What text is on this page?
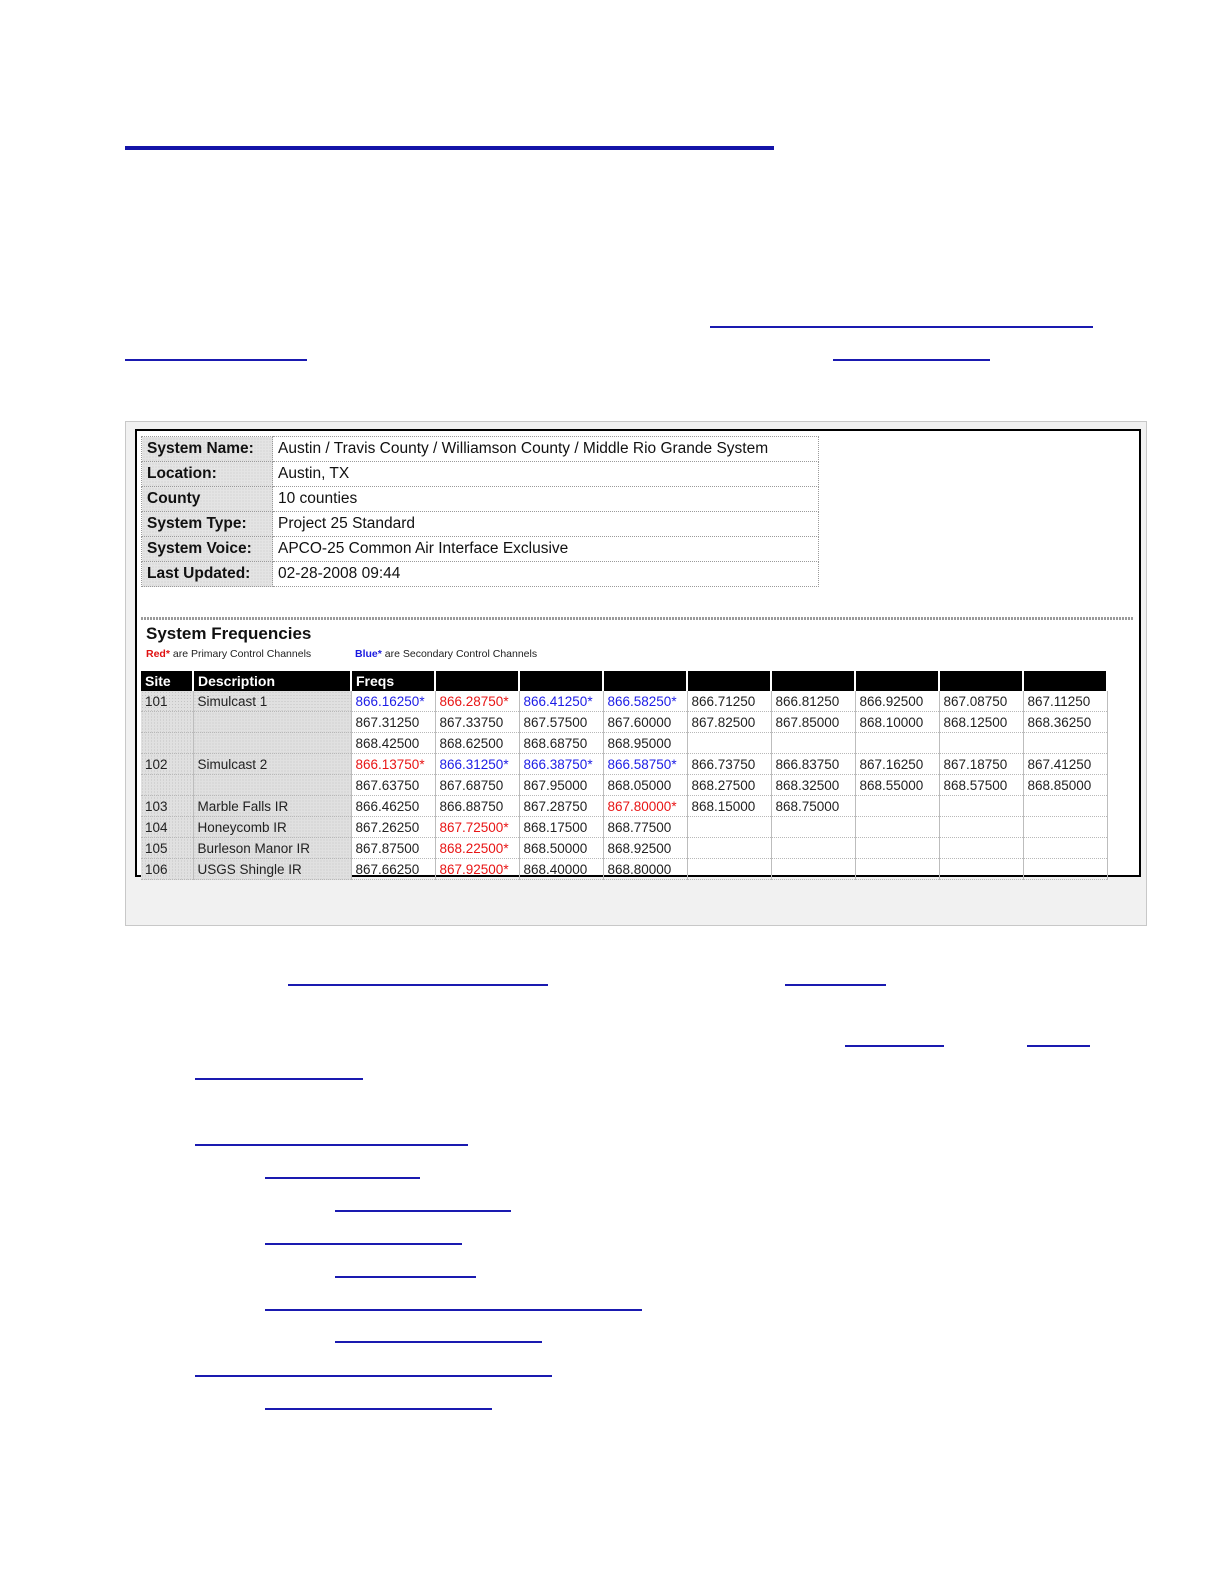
System Name:	Austin / Travis County / Williamson County / Middle Rio Grande System
Location:	Austin, TX
County	10 counties
System Type:	Project 25 Standard
System Voice:	APCO-25 Common Air Interface Exclusive
Last Updated:	02-28-2008 09:44
System Frequencies
Red* are Primary Control Channels	Blue* are Secondary Control Channels
Site	Description	Freqs								
101	Simulcast 1	866.16250*	866.28750*	866.41250*	866.58250*	866.71250	866.81250	866.92500	867.08750	867.11250
		867.31250	867.33750	867.57500	867.60000	867.82500	867.85000	868.10000	868.12500	868.36250
		868.42500	868.62500	868.68750	868.95000					
102	Simulcast 2	866.13750*	866.31250*	866.38750*	866.58750*	866.73750	866.83750	867.16250	867.18750	867.41250
		867.63750	867.68750	867.95000	868.05000	868.27500	868.32500	868.55000	868.57500	868.85000
103	Marble Falls IR	866.46250	866.88750	867.28750	867.80000*	868.15000	868.75000			
104	Honeycomb IR	867.26250	867.72500*	868.17500	868.77500					
105	Burleson Manor IR	867.87500	868.22500*	868.50000	868.92500					
106	USGS Shingle IR	867.66250	867.92500*	868.40000	868.80000					
